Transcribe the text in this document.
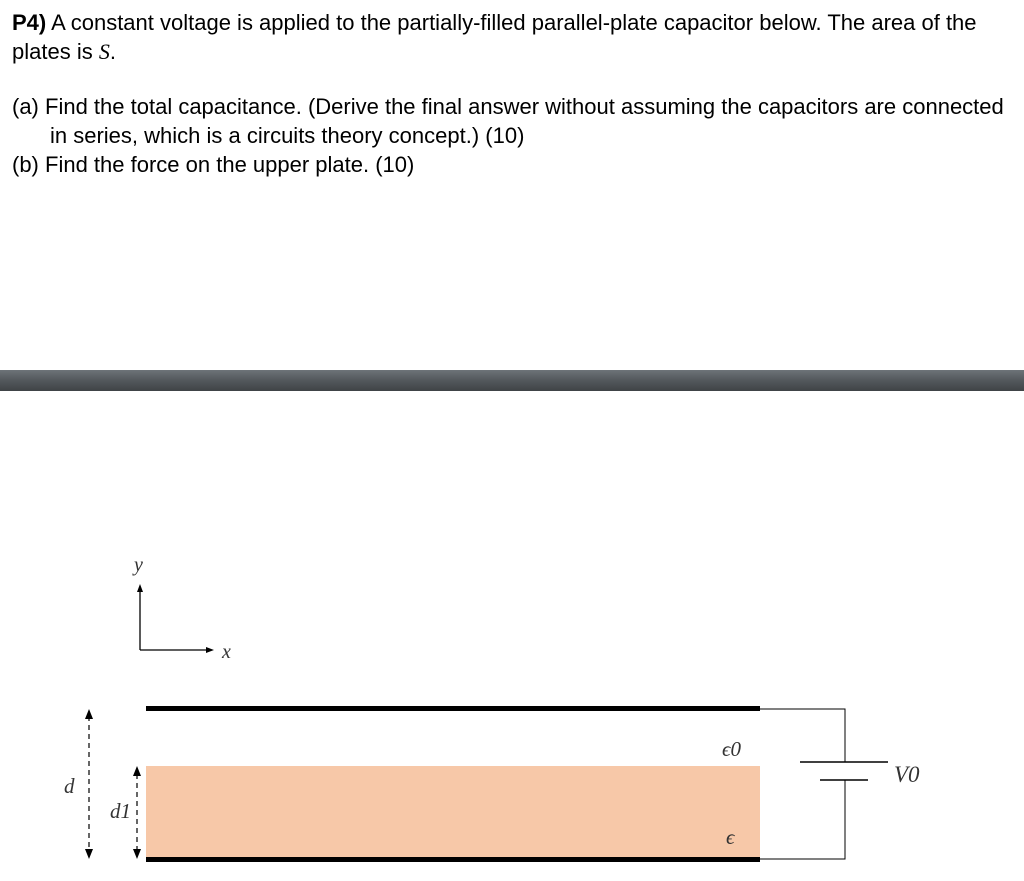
P4) A constant voltage is applied to the partially-filled parallel-plate capacitor below. The area of the plates is S.

(a) Find the total capacitance. (Derive the final answer without assuming the capacitors are connected in series, which is a circuits theory concept.) (10)

(b) Find the force on the upper plate. (10)

y
x
ϵ0
ϵ
V0
d
d1
